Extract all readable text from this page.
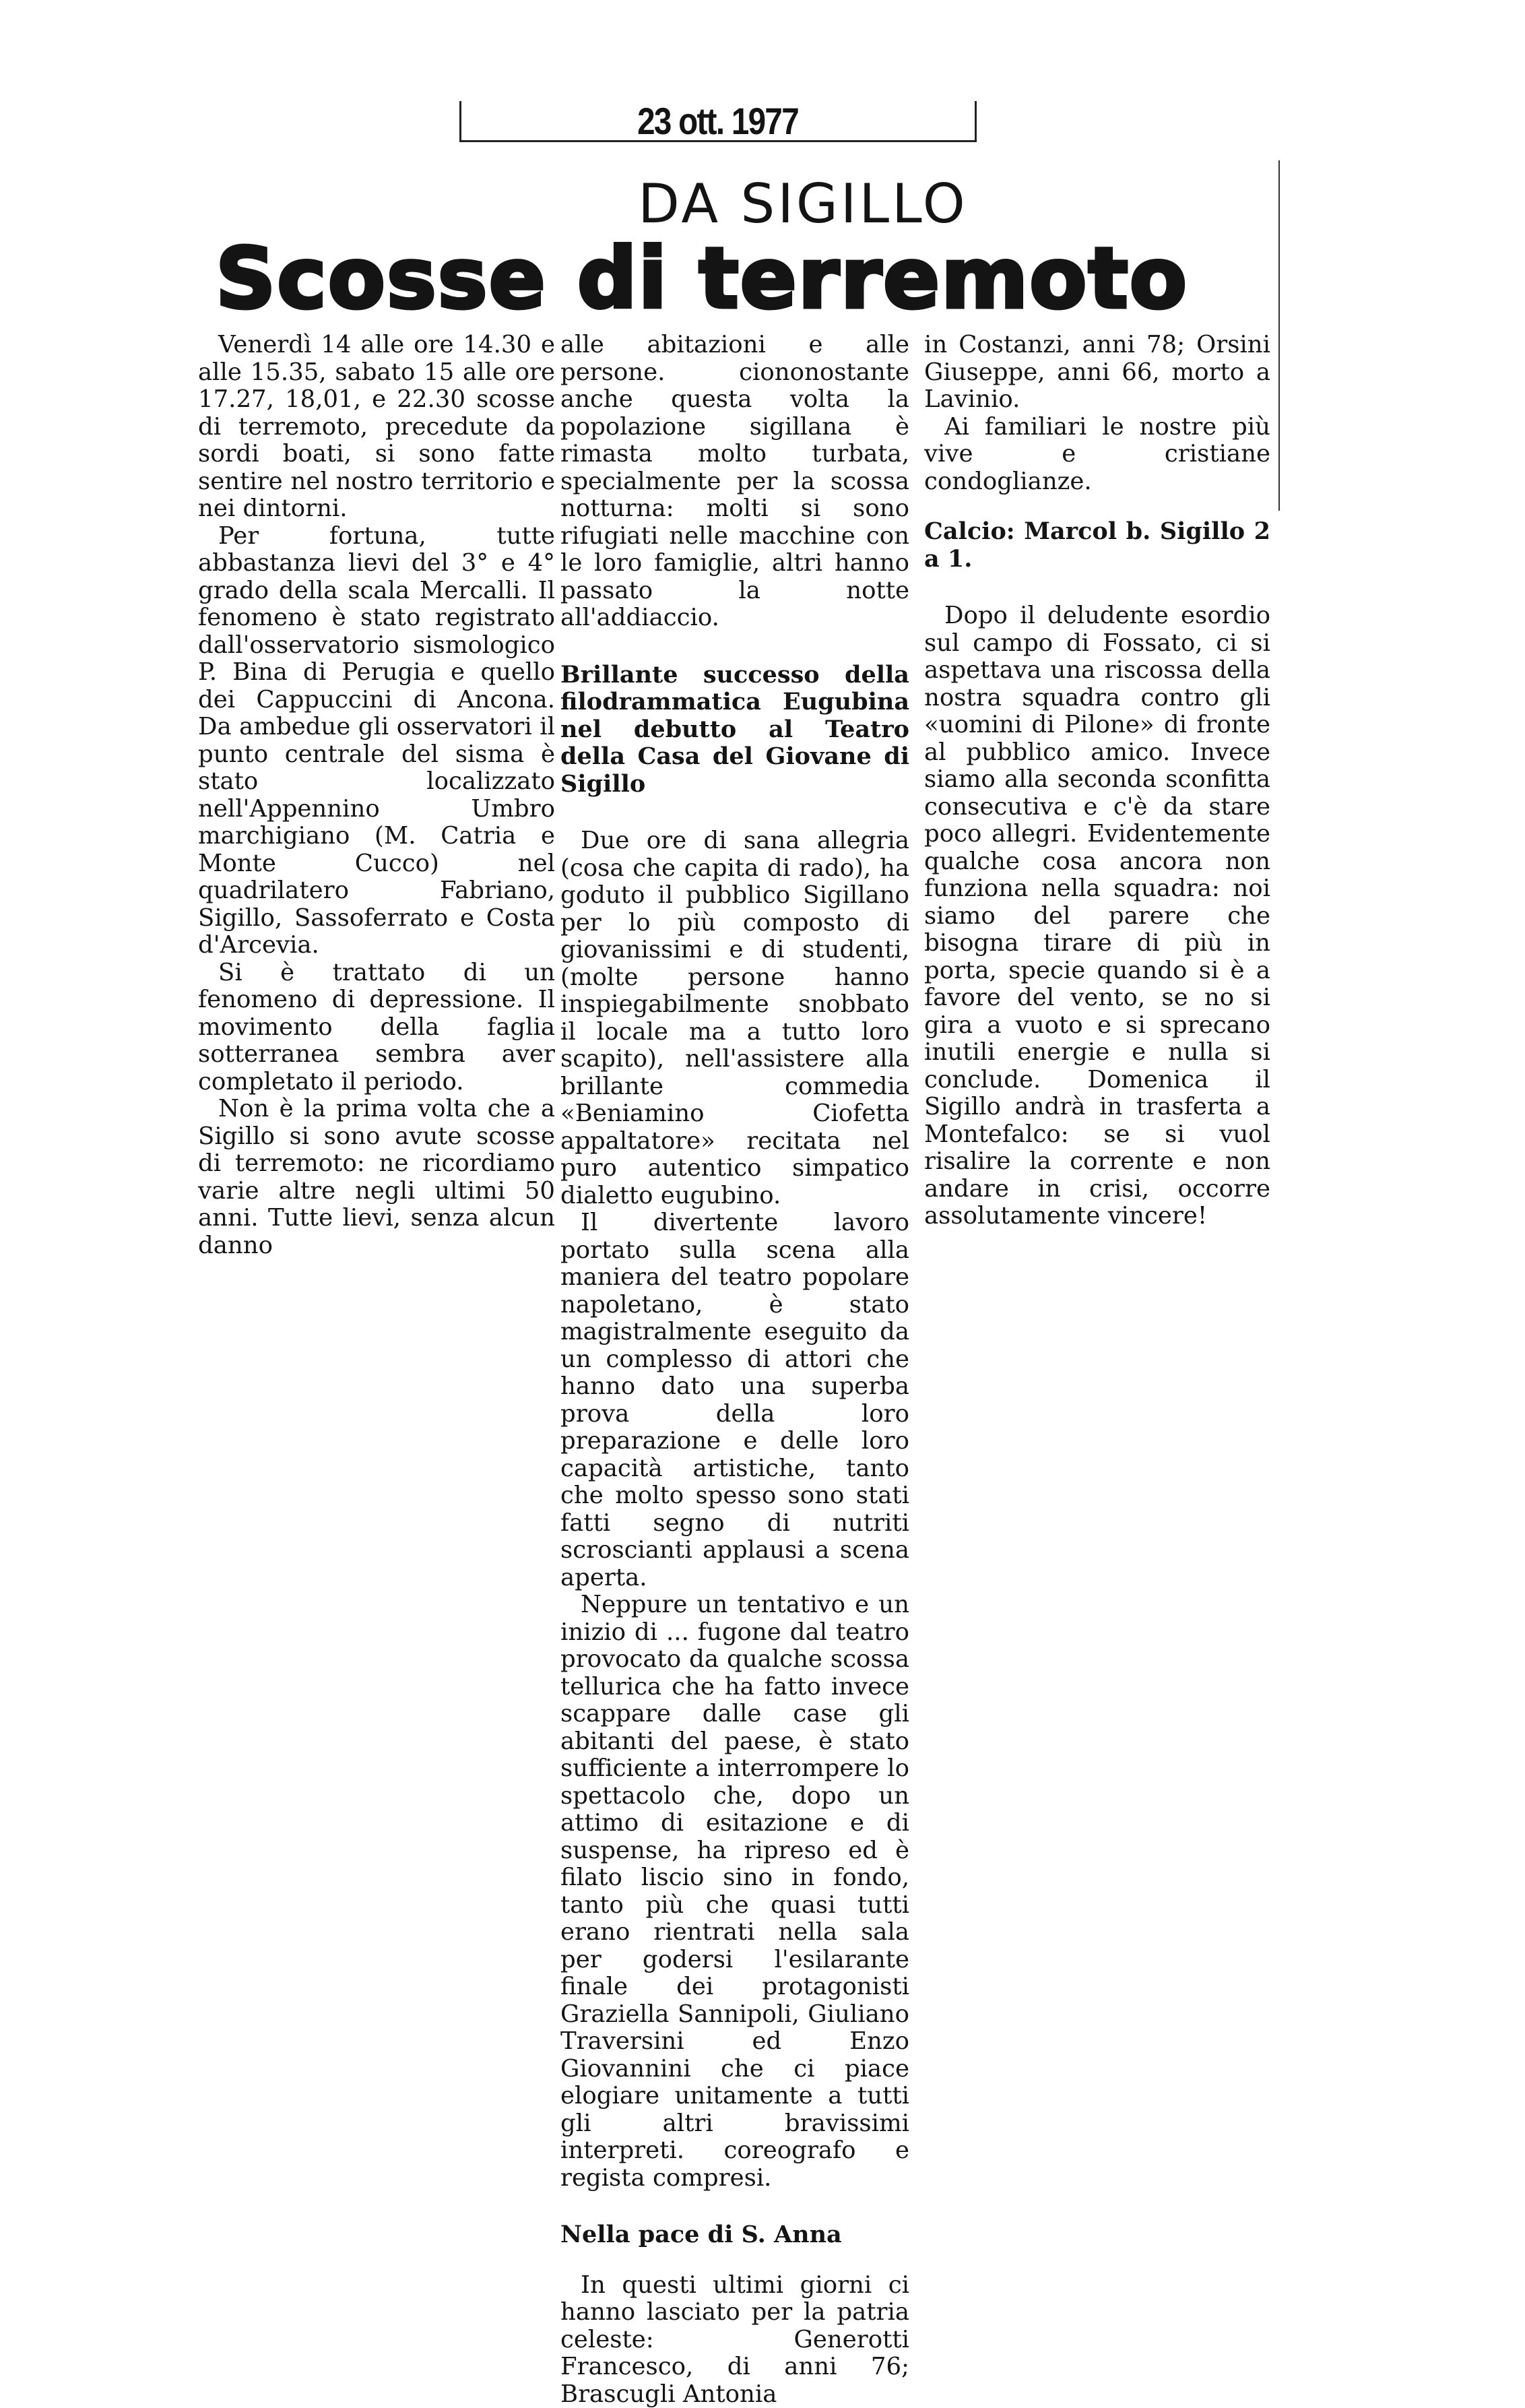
23 ott. 1977
DA SIGILLO
Scosse di terremoto

Venerdì 14 alle ore 14.30 e alle 15.35, sabato 15 alle ore 17.27, 18,01, e 22.30 scosse di terremoto, precedute da sordi boati, si sono fatte sentire nel nostro territorio e nei dintorni.

Per fortuna, tutte abbastanza lievi del 3° e 4° grado della scala Mercalli. Il fenomeno è stato registrato dall'osservatorio sismologico P. Bina di Perugia e quello dei Cappuccini di Ancona. Da ambedue gli osservatori il punto centrale del sisma è stato localizzato nell'Appennino Umbro marchigiano (M. Catria e Monte Cucco) nel quadrilatero Fabriano, Sigillo, Sassoferrato e Costa d'Arcevia.

Si è trattato di un fenomeno di depressione. Il movimento della faglia sotterranea sembra aver completato il periodo.

Non è la prima volta che a Sigillo si sono avute scosse di terremoto: ne ricordiamo varie altre negli ultimi 50 anni. Tutte lievi, senza alcun danno

alle abitazioni e alle persone. ciononostante anche questa volta la popolazione sigillana è rimasta molto turbata, specialmente per la scossa notturna: molti si sono rifugiati nelle macchine con le loro famiglie, altri hanno passato la notte all'addiaccio.

Brillante successo della filodrammatica Eugubina nel debutto al Teatro della Casa del Giovane di Sigillo

Due ore di sana allegria (cosa che capita di rado), ha goduto il pubblico Sigillano per lo più composto di giovanissimi e di studenti, (molte persone hanno inspiegabilmente snobbato il locale ma a tutto loro scapito), nell'assistere alla brillante commedia «Beniamino Ciofetta appaltatore» recitata nel puro autentico simpatico dialetto eugubino.

Il divertente lavoro portato sulla scena alla maniera del teatro popolare napoletano, è stato magistralmente eseguito da un complesso di attori che hanno dato una superba prova della loro preparazione e delle loro capacità artistiche, tanto che molto spesso sono stati fatti segno di nutriti scroscianti applausi a scena aperta.

Neppure un tentativo e un inizio di ... fugone dal teatro provocato da qualche scossa tellurica che ha fatto invece scappare dalle case gli abitanti del paese, è stato sufficiente a interrompere lo spettacolo che, dopo un attimo di esitazione e di suspense, ha ripreso ed è filato liscio sino in fondo, tanto più che quasi tutti erano rientrati nella sala per godersi l'esilarante finale dei protagonisti Graziella Sannipoli, Giuliano Traversini ed Enzo Giovannini che ci piace elogiare unitamente a tutti gli altri bravissimi interpreti. coreografo e regista compresi.

Nella pace di S. Anna

In questi ultimi giorni ci hanno lasciato per la patria celeste: Generotti Francesco, di anni 76; Brascugli Antonia

in Costanzi, anni 78; Orsini Giuseppe, anni 66, morto a Lavinio.

Ai familiari le nostre più vive e cristiane condoglianze.

Calcio: Marcol b. Sigillo 2 a 1.

Dopo il deludente esordio sul campo di Fossato, ci si aspettava una riscossa della nostra squadra contro gli «uomini di Pilone» di fronte al pubblico amico. Invece siamo alla seconda sconfitta consecutiva e c'è da stare poco allegri. Evidentemente qualche cosa ancora non funziona nella squadra: noi siamo del parere che bisogna tirare di più in porta, specie quando si è a favore del vento, se no si gira a vuoto e si sprecano inutili energie e nulla si conclude. Domenica il Sigillo andrà in trasferta a Montefalco: se si vuol risalire la corrente e non andare in crisi, occorre assolutamente vincere!
